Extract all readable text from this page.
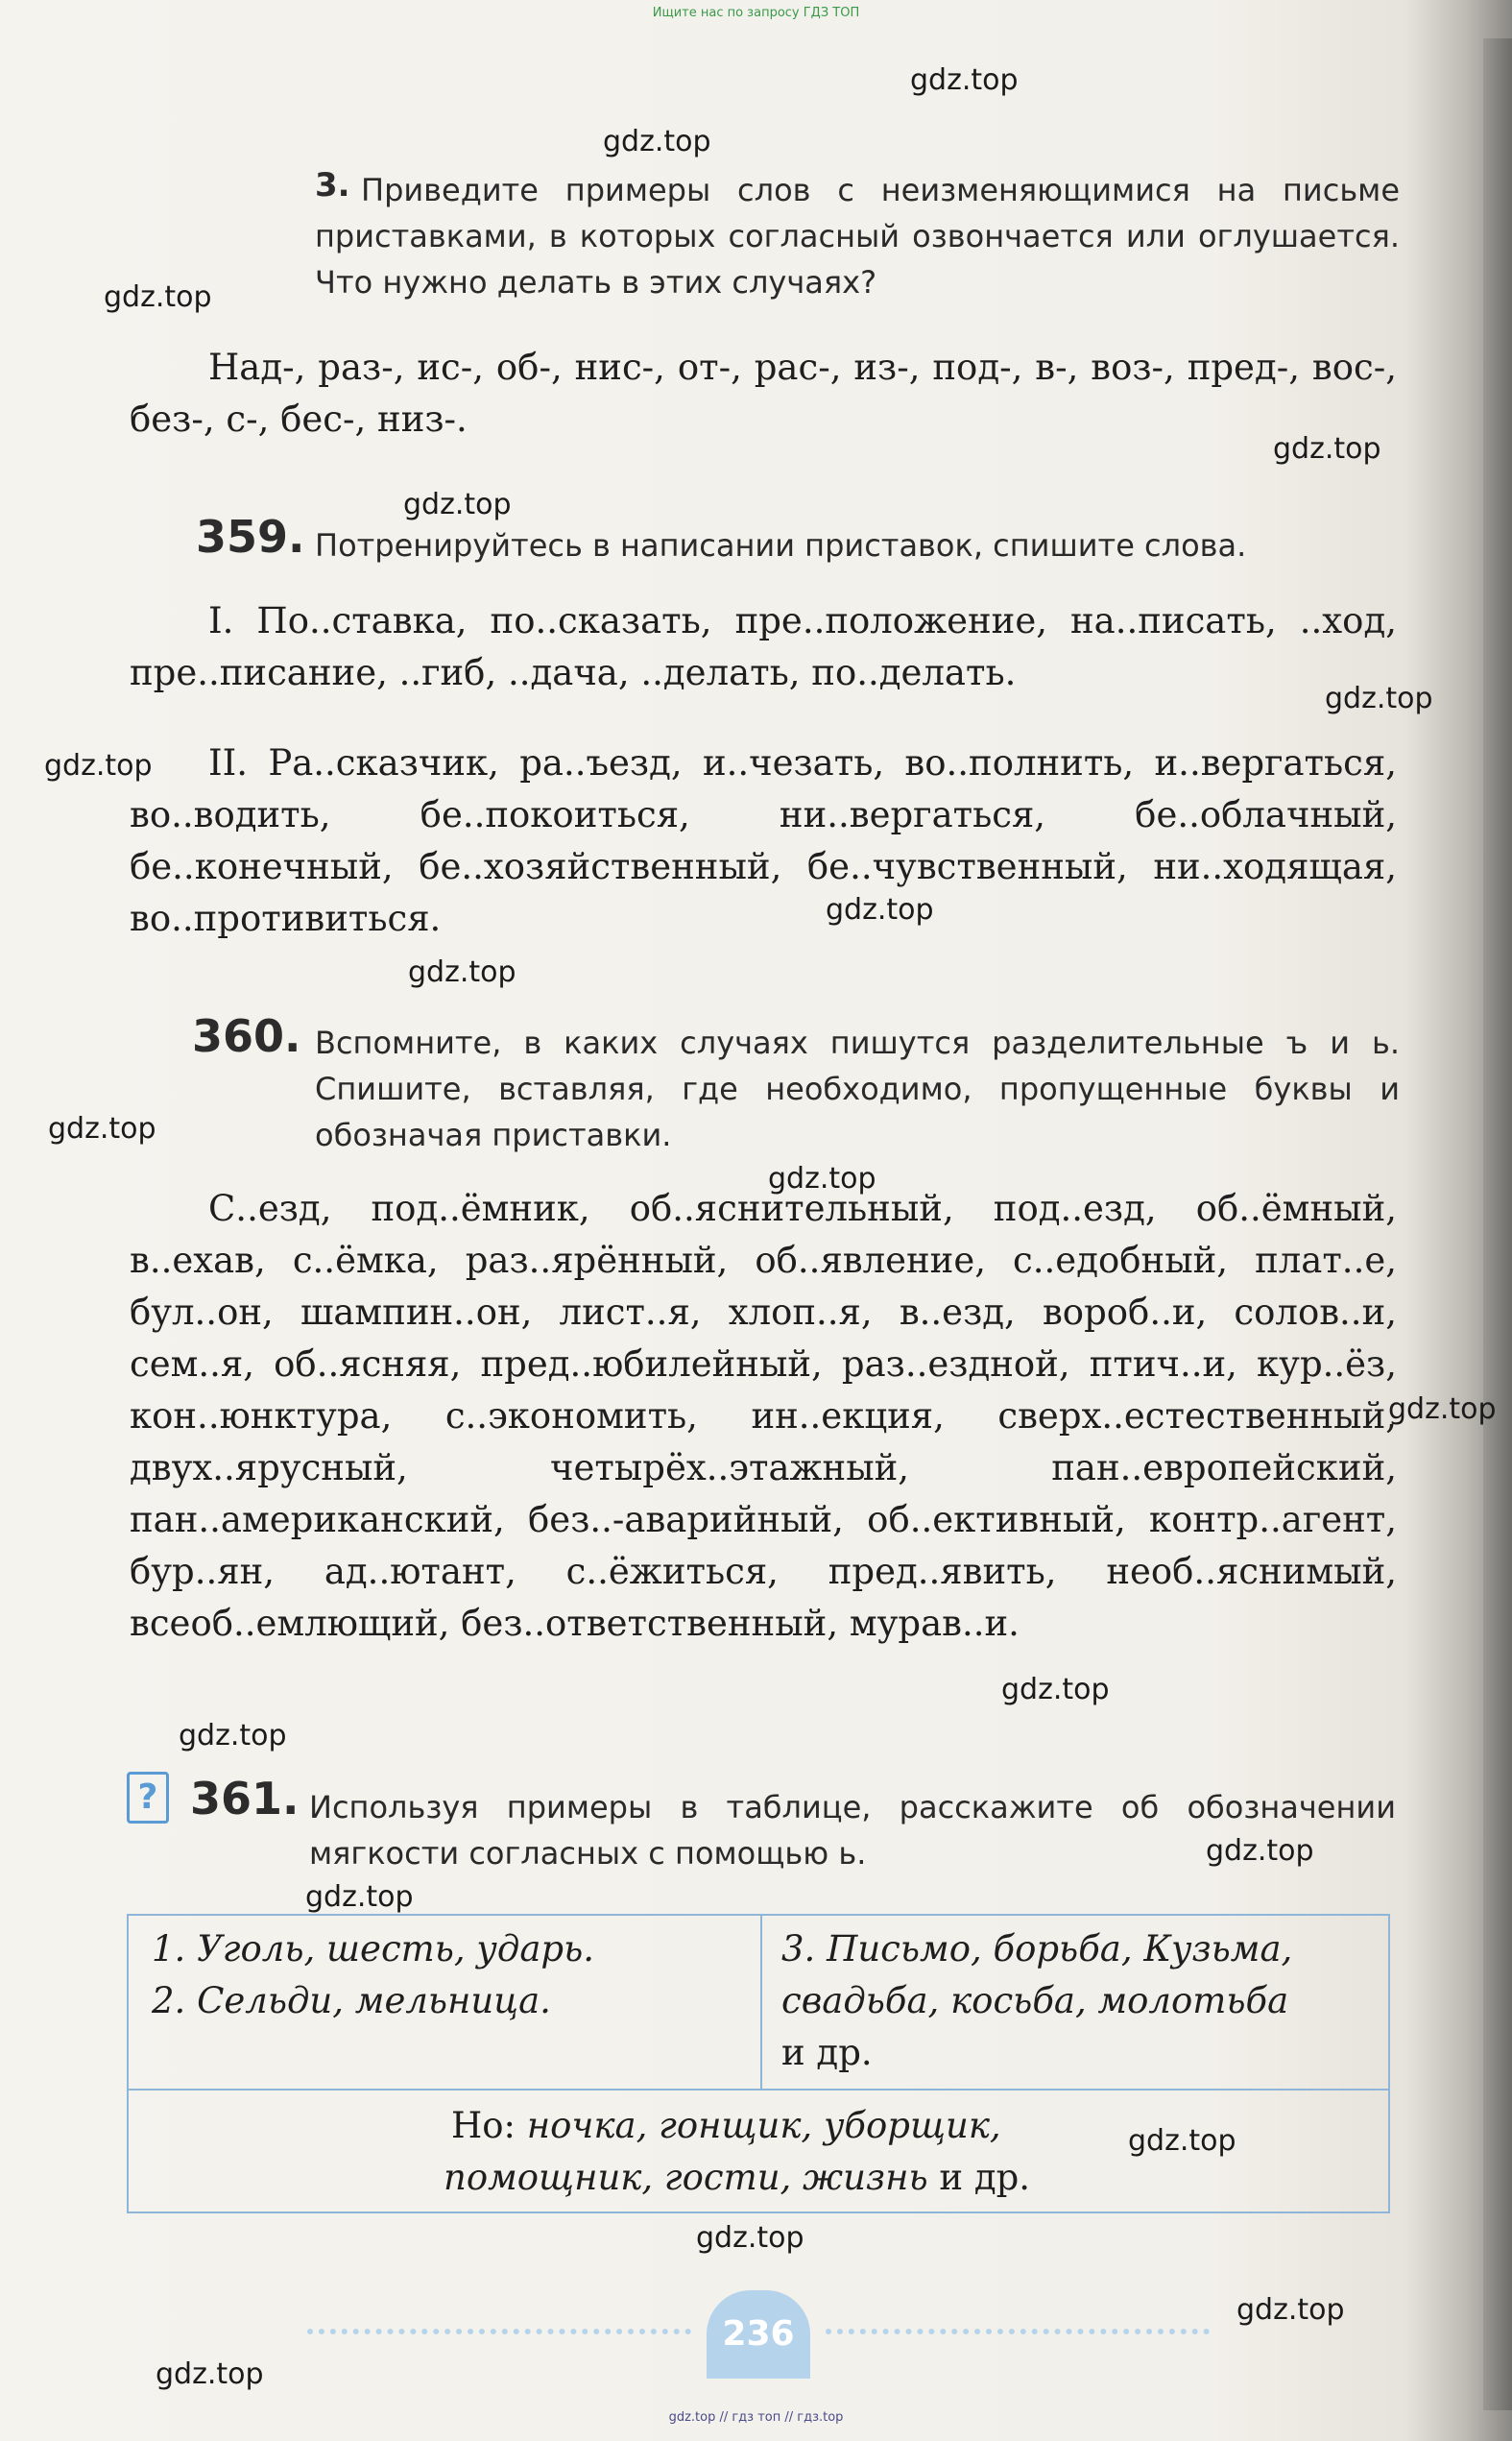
Ищите нас по запросу ГДЗ ТОП
gdz.top
gdz.top
gdz.top
gdz.top
gdz.top
gdz.top
gdz.top
gdz.top
gdz.top
gdz.top
gdz.top
gdz.top
gdz.top
gdz.top
gdz.top
gdz.top
gdz.top
gdz.top
gdz.top
gdz.top
3. Приведите примеры слов с неизменяющимися на письме приставками, в которых согласный озвончается или оглушается. Что нужно делать в этих случаях?
Над-, раз-, ис-, об-, нис-, от-, рас-, из-, под-, в-, воз-, пред-, вос-, без-, с-, бес-, низ-.
359. Потренируйтесь в написании приставок, спишите слова.
I. По..ставка, по..сказать, пре..положение, на..писать, ..ход, пре..писание, ..гиб, ..дача, ..делать, по..делать.
II. Ра..сказчик, ра..ъезд, и..чезать, во..полнить, и..вергаться, во..водить, бе..покоиться, ни..вергаться, бе..облачный, бе..конечный, бе..хозяйственный, бе..чувственный, ни..ходящая, во..противиться.
360. Вспомните, в каких случаях пишутся разделительные ъ и ь. Спишите, вставляя, где необходимо, пропущенные буквы и обозначая приставки.
С..езд, под..ёмник, об..яснительный, под..езд, об..ёмный, в..ехав, с..ёмка, раз..ярённый, об..явление, с..едобный, плат..е, бул..он, шампин..он, лист..я, хлоп..я, в..езд, вороб..и, солов..и, сем..я, об..ясняя, пред..юбилейный, раз..ездной, птич..и, кур..ёз, кон..юнктура, с..экономить, ин..екция, сверх..естественный, двух..ярусный, четырёх..этажный, пан..европейский, пан..американский, без..-аварийный, об..ективный, контр..агент, бур..ян, ад..ютант, с..ёжиться, пред..явить, необ..яснимый, всеоб..емлющий, без..ответственный, мурав..и.
? 361. Используя примеры в таблице, расскажите об обозначении мягкости согласных с помощью ь.
1. Уголь, шесть, ударь.
2. Сельди, мельница.
3. Письмо, борьба, Кузьма,
свадьба, косьба, молотьба
и др.
Но: ночка, гонщик, уборщик,
помощник, гости, жизнь и др.
236
gdz.top // гдз топ // гдз.top
